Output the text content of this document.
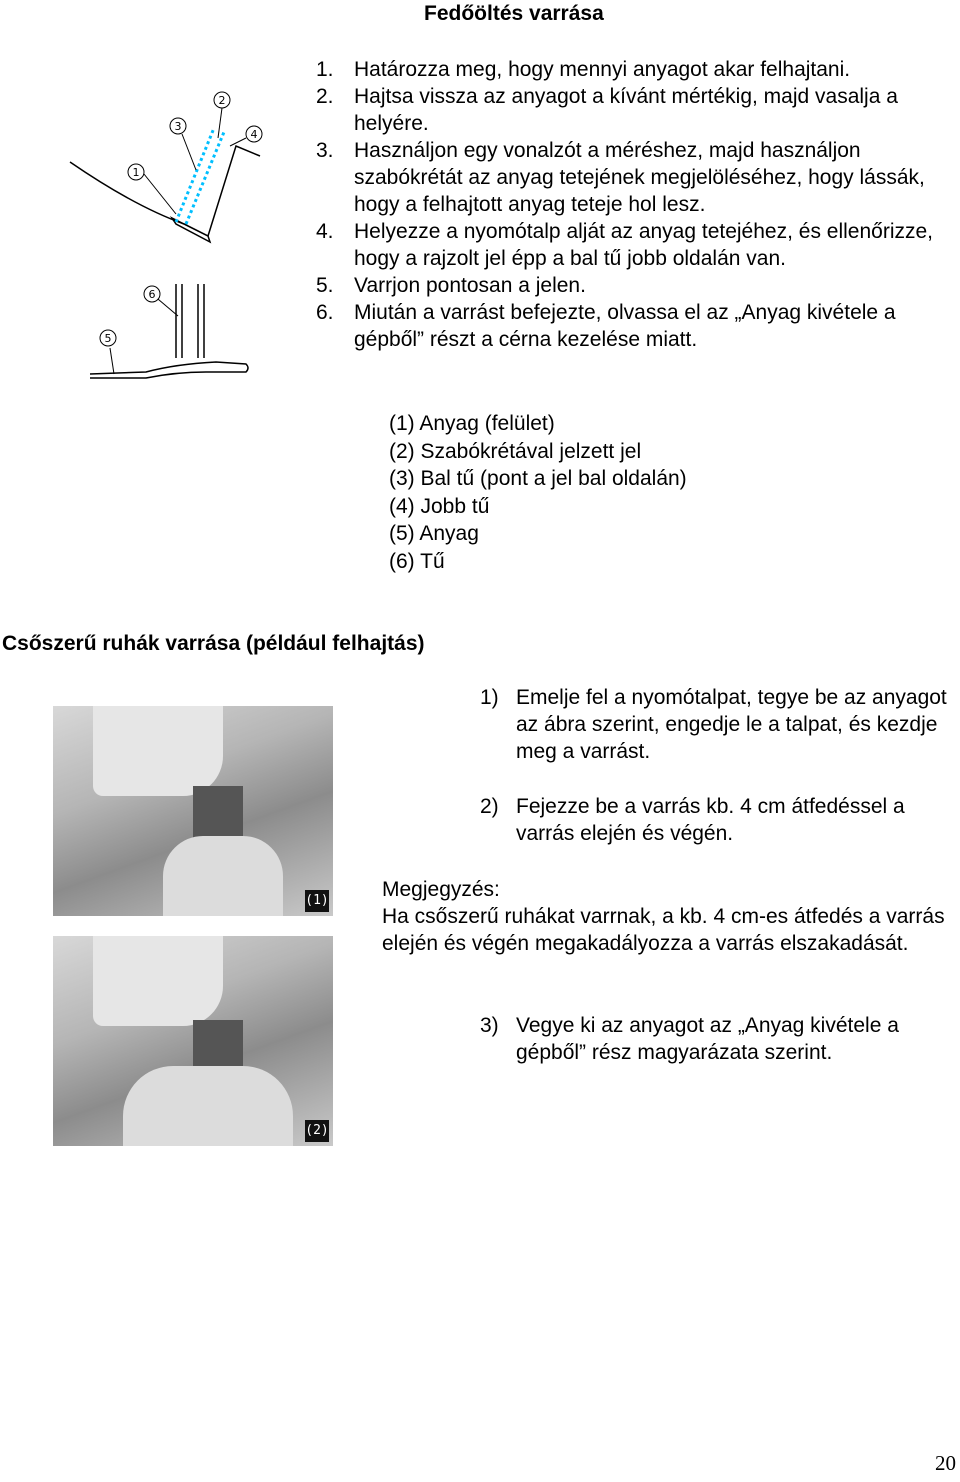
Fedőöltés varrása
1. Határozza meg, hogy mennyi anyagot akar felhajtani.
2. Hajtsa vissza az anyagot a kívánt mértékig, majd vasalja a helyére.
3. Használjon egy vonalzót a méréshez, majd használjon szabókrétát az anyag tetejének megjelöléséhez, hogy lássák, hogy a felhajtott anyag teteje hol lesz.
4. Helyezze a nyomótalp alját az anyag tetejéhez, és ellenőrizze, hogy a rajzolt jel épp a bal tű jobb oldalán van.
5. Varrjon pontosan a jelen.
6. Miután a varrást befejezte, olvassa el az „Anyag kivétele a gépből” részt a cérna kezelése miatt.
1
3
2
4
6
5
(1) Anyag (felület)
(2) Szabókrétával jelzett jel
(3) Bal tű (pont a jel bal oldalán)
(4) Jobb tű
(5) Anyag
(6) Tű
Csőszerű ruhák varrása (például felhajtás)
(1)
(2)
1) Emelje fel a nyomótalpat, tegye be az anyagot az ábra szerint, engedje le a talpat, és kezdje meg a varrást.
2) Fejezze be a varrás kb. 4 cm átfedéssel a varrás elején és végén.
Megjegyzés:
Ha csőszerű ruhákat varrnak, a kb. 4 cm-es átfedés a varrás elején és végén megakadályozza a varrás elszakadását.
3) Vegye ki az anyagot az „Anyag kivétele a gépből” rész magyarázata szerint.
20
